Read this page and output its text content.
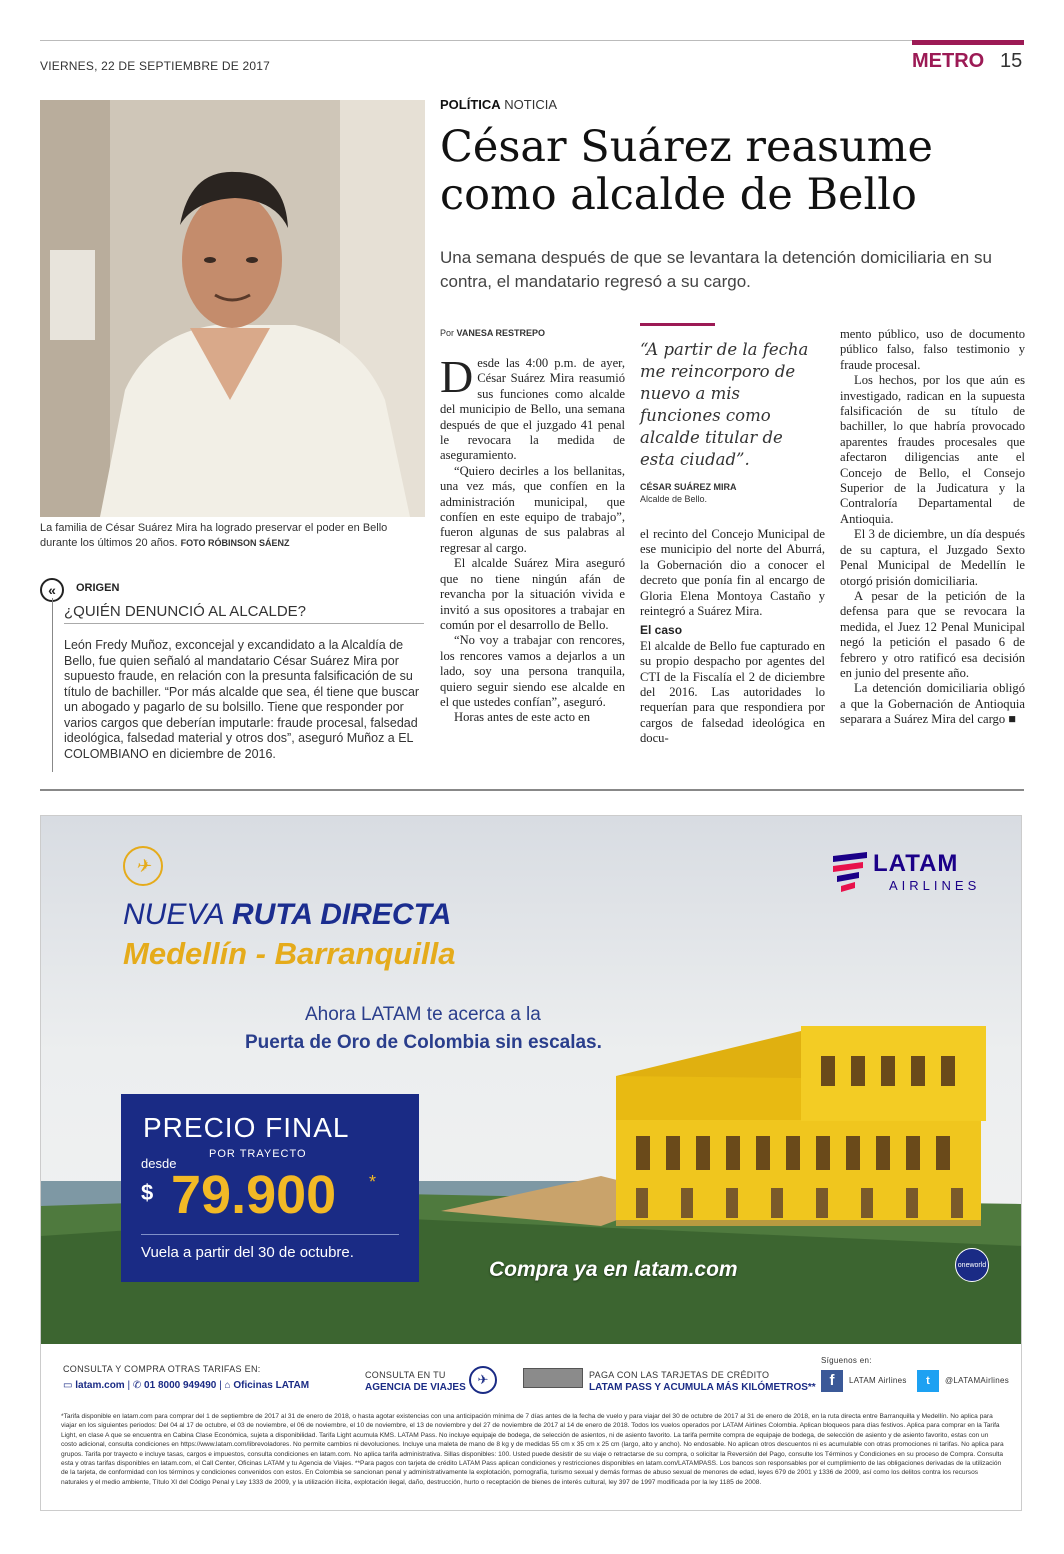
VIERNES, 22 DE SEPTIEMBRE DE 2017	METRO 15
La familia de César Suárez Mira ha logrado preservar el poder en Bello durante los últimos 20 años. FOTO RÓBINSON SÁENZ
«	ORIGEN
¿QUIÉN DENUNCIÓ AL ALCALDE?
León Fredy Muñoz, exconcejal y excandidato a la Alcaldía de Bello, fue quien señaló al mandatario César Suárez Mira por supuesto fraude, en relación con la presunta falsificación de su título de bachiller. “Por más alcalde que sea, él tiene que buscar un abogado y pagarlo de su bolsillo. Tiene que responder por varios cargos que deberían imputarle: fraude procesal, falsedad ideológica, falsedad material y otros dos”, aseguró Muñoz a EL COLOMBIANO en diciembre de 2016.
POLÍTICA NOTICIA
César Suárez reasume como alcalde de Bello
Una semana después de que se levantara la detención domiciliaria en su contra, el mandatario regresó a su cargo.
Por VANESA RESTREPO

Desde las 4:00 p.m. de ayer, César Suárez Mira reasumió sus funciones como alcalde del municipio de Bello, una semana después de que el juzgado 41 penal le revocara la medida de aseguramiento.

“Quiero decirles a los bellanitas, una vez más, que confíen en la administración municipal, que confíen en este equipo de trabajo”, fueron algunas de sus palabras al regresar al cargo.

El alcalde Suárez Mira aseguró que no tiene ningún afán de revancha por la situación vivida e invitó a sus opositores a trabajar en común por el desarrollo de Bello.

“No voy a trabajar con rencores, los rencores vamos a dejarlos a un lado, soy una persona tranquila, quiero seguir siendo ese alcalde en el que ustedes confían”, aseguró.

Horas antes de este acto en

“A partir de la fecha me reincorporo de nuevo a mis funciones como alcalde titular de esta ciudad”.
CÉSAR SUÁREZ MIRA
Alcalde de Bello.

el recinto del Concejo Municipal de ese municipio del norte del Aburrá, la Gobernación dio a conocer el decreto que ponía fin al encargo de Gloria Elena Montoya Castaño y reintegró a Suárez Mira.

El caso

El alcalde de Bello fue capturado en su propio despacho por agentes del CTI de la Fiscalía el 2 de diciembre del 2016. Las autoridades lo requerían para que respondiera por cargos de falsedad ideológica en docu-

mento público, uso de documento público falso, falso testimonio y fraude procesal.

Los hechos, por los que aún es investigado, radican en la supuesta falsificación de su título de bachiller, lo que habría provocado aparentes fraudes procesales que afectaron diligencias ante el Concejo de Bello, el Consejo Superior de la Judicatura y la Contraloría Departamental de Antioquia.

El 3 de diciembre, un día después de su captura, el Juzgado Sexto Penal Municipal de Medellín le otorgó prisión domiciliaria.

A pesar de la petición de la defensa para que se revocara la medida, el Juez 12 Penal Municipal negó la petición el pasado 6 de febrero y otro ratificó esa decisión en junio del presente año.

La detención domiciliaria obligó a que la Gobernación de Antioquia separara a Suárez Mira del cargo ■

✈	LATAM
AIRLINES
NUEVA RUTA DIRECTA
Medellín - Barranquilla
Ahora LATAM te acerca a la
Puerta de Oro de Colombia sin escalas.
PRECIO FINAL
POR TRAYECTO
desde
$ 79.900 *
Vuela a partir del 30 de octubre.
Compra ya en latam.com	oneworld
CONSULTA Y COMPRA OTRAS TARIFAS EN:
▭ latam.com | ✆ 01 8000 949490 | ⌂ Oficinas LATAM
CONSULTA EN TU
AGENCIA DE VIAJES
✈	PAGA CON LAS TARJETAS DE CRÉDITO
LATAM PASS Y ACUMULA MÁS KILÓMETROS**
Síguenos en:
f	LATAM Airlines	t	@LATAMAirlines
*Tarifa disponible en latam.com para comprar del 1 de septiembre de 2017 al 31 de enero de 2018, o hasta agotar existencias con una anticipación mínima de 7 días antes de la fecha de vuelo y para viajar del 30 de octubre de 2017 al 31 de enero de 2018, en la ruta directa entre Barranquilla y Medellín. No aplica para viajar en los siguientes periodos: Del 04 al 17 de octubre, el 03 de noviembre, el 06 de noviembre, el 10 de noviembre, el 13 de noviembre y del 27 de noviembre de 2017 al 14 de enero de 2018. Todos los vuelos operados por LATAM Airlines Colombia. Aplican bloqueos para días festivos. Aplica para comprar en la Tarifa Light, en clase A que se encuentra en Cabina Clase Económica, sujeta a disponibilidad. Tarifa Light acumula KMS. LATAM Pass. No incluye equipaje de bodega, de selección de asientos, ni de asiento favorito. La tarifa permite compra de equipaje de bodega, de selección de asiento y de asiento favorito, estas con un costo adicional, consulta condiciones en https://www.latam.com/librevoladores. No permite cambios ni devoluciones. Incluye una maleta de mano de 8 kg y de medidas 55 cm x 35 cm x 25 cm (largo, alto y ancho). No endosable. No aplican otros descuentos ni es acumulable con otras promociones ni tarifas. No aplica para grupos. Tarifa por trayecto e incluye tasas, cargos e impuestos, consulta condiciones en latam.com. No aplica tarifa administrativa. Sillas disponibles: 100. Usted puede desistir de su viaje o retractarse de su compra, o solicitar la Reversión del Pago, consulte los Términos y Condiciones en su proceso de Compra. Consulta esta y otras tarifas disponibles en latam.com, el Call Center, Oficinas LATAM y tu Agencia de Viajes. **Para pagos con tarjeta de crédito LATAM Pass aplican condiciones y restricciones disponibles en latam.com/LATAMPASS. Los bancos son responsables por el cumplimiento de las obligaciones derivadas de la utilización de la tarjeta, de conformidad con los términos y condiciones convenidos con estos. En Colombia se sancionan penal y administrativamente la explotación, pornografía, turismo sexual y demás formas de abuso sexual de menores de edad, leyes 679 de 2001 y 1336 de 2009, así como los delitos contra los recursos naturales y el medio ambiente, Título XI del Código Penal y Ley 1333 de 2009, y la utilización ilícita, explotación ilegal, daño, destrucción, hurto o receptación de bienes de interés cultural, ley 397 de 1997 modificada por la ley 1185 de 2008.
